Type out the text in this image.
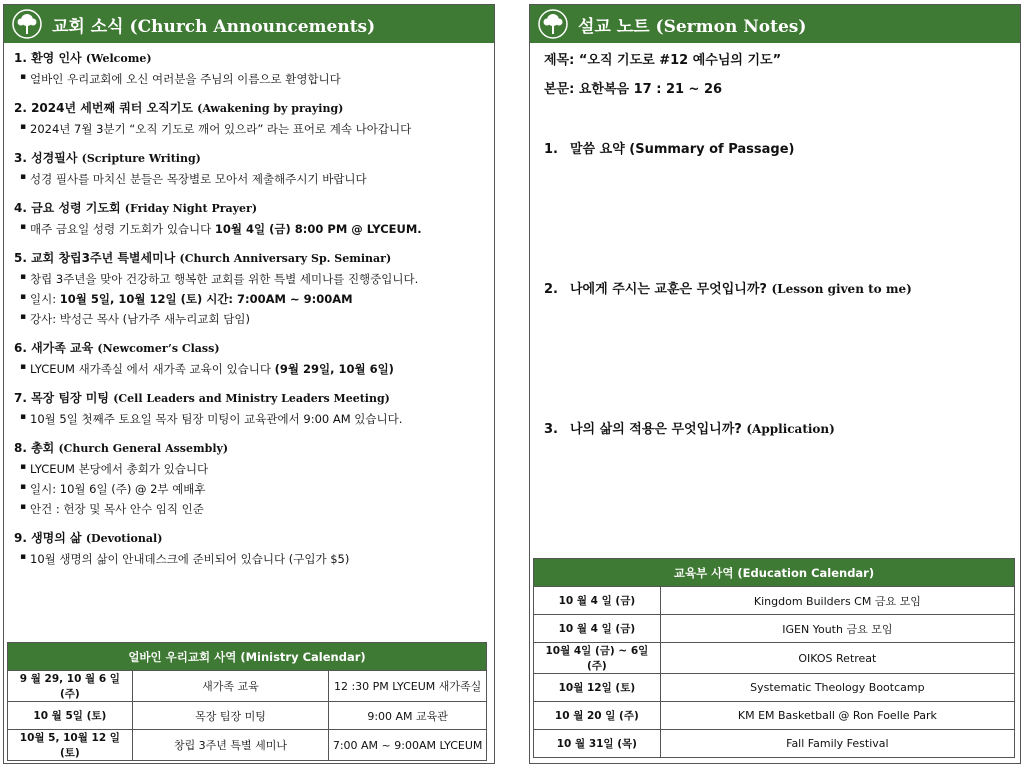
교회 소식 (Church Announcements)
1. 환영 인사 (Welcome)
▪ 얼바인 우리교회에 오신 여러분을 주님의 이름으로 환영합니다
2. 2024년 세번째 쿼터 오직기도 (Awakening by praying)
▪ 2024년 7월 3분기 “오직 기도로 깨어 있으라” 라는 표어로 계속 나아갑니다
3. 성경필사 (Scripture Writing)
▪ 성경 필사를 마치신 분들은 목장별로 모아서 제출해주시기 바랍니다
4. 금요 성령 기도회 (Friday Night Prayer)
▪ 매주 금요일 성령 기도회가 있습니다 10월 4일 (금) 8:00 PM @ LYCEUM.
5. 교회 창립3주년 특별세미나 (Church Anniversary Sp. Seminar)
▪ 창립 3주년을 맞아 건강하고 행복한 교회를 위한 특별 세미나를 진행중입니다.
▪ 일시: 10월 5일, 10월 12일 (토) 시간: 7:00AM ~ 9:00AM
▪ 강사: 박성근 목사 (남가주 새누리교회 담임)
6. 새가족 교육 (Newcomer’s Class)
▪ LYCEUM 새가족실 에서 새가족 교육이 있습니다 (9월 29일, 10월 6일)
7. 목장 팀장 미팅 (Cell Leaders and Ministry Leaders Meeting)
▪ 10월 5일 첫째주 토요일 목자 팀장 미팅이 교육관에서 9:00 AM 있습니다.
8. 총회 (Church General Assembly)
▪ LYCEUM 본당에서 총회가 있습니다
▪ 일시: 10월 6일 (주) @ 2부 예배후
▪ 안건 : 헌장 및 목사 안수 임직 인준
9. 생명의 삶 (Devotional)
▪ 10월 생명의 삶이 안내데스크에 준비되어 있습니다 (구입가 $5)
얼바인 우리교회 사역 (Ministry Calendar)		
9 월 29, 10 월 6 일(주)	새가족 교육	12 :30 PM LYCEUM 새가족실
10 월 5일 (토)	목장 팀장 미팅	9:00 AM 교육관
10월 5, 10월 12 일 (토)	창립 3주년 특별 세미나	7:00 AM ~ 9:00AM LYCEUM
설교 노트 (Sermon Notes)
제목: “오직 기도로 #12 예수님의 기도”
본문: 요한복음 17 : 21 ~ 26
1. 말씀 요약 (Summary of Passage)
2. 나에게 주시는 교훈은 무엇입니까? (Lesson given to me)
3. 나의 삶의 적용은 무엇입니까? (Application)
교육부 사역 (Education Calendar)	
10 월 4 일 (금)	Kingdom Builders CM 금요 모임
10 월 4 일 (금)	IGEN Youth 금요 모임
10월 4일 (금) ~ 6일 (주)	OIKOS Retreat
10월 12일 (토)	Systematic Theology Bootcamp
10 월 20 일 (주)	KM EM Basketball @ Ron Foelle Park
10 월 31일 (목)	Fall Family Festival
